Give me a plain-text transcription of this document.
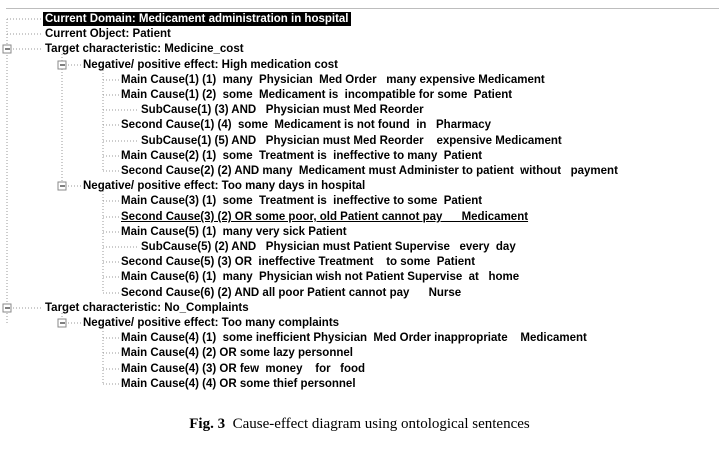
Current Domain: Medicament administration in hospital
Current Object: Patient
Target characteristic: Medicine_cost
Negative/ positive effect: High medication cost
Main Cause(1) (1)  many  Physician  Med Order   many expensive Medicament
Main Cause(1) (2)  some  Medicament is  incompatible for some  Patient
SubCause(1) (3) AND   Physician must Med Reorder
Second Cause(1) (4)  some  Medicament is not found  in   Pharmacy
SubCause(1) (5) AND   Physician must Med Reorder    expensive Medicament
Main Cause(2) (1)  some  Treatment is  ineffective to many  Patient
Second Cause(2) (2) AND many  Medicament must Administer to patient  without   payment
Negative/ positive effect: Too many days in hospital
Main Cause(3) (1)  some  Treatment is  ineffective to some  Patient
Second Cause(3) (2) OR some poor, old Patient cannot pay      Medicament
Main Cause(5) (1)  many very sick Patient
SubCause(5) (2) AND   Physician must Patient Supervise   every  day
Second Cause(5) (3) OR  ineffective Treatment    to some  Patient
Main Cause(6) (1)  many  Physician wish not Patient Supervise  at   home
Second Cause(6) (2) AND all poor Patient cannot pay      Nurse
Target characteristic: No_Complaints
Negative/ positive effect: Too many complaints
Main Cause(4) (1)  some inefficient Physician  Med Order inappropriate    Medicament
Main Cause(4) (2) OR some lazy personnel
Main Cause(4) (3) OR few  money    for   food
Main Cause(4) (4) OR some thief personnel
Fig. 3  Cause-effect diagram using ontological sentences
